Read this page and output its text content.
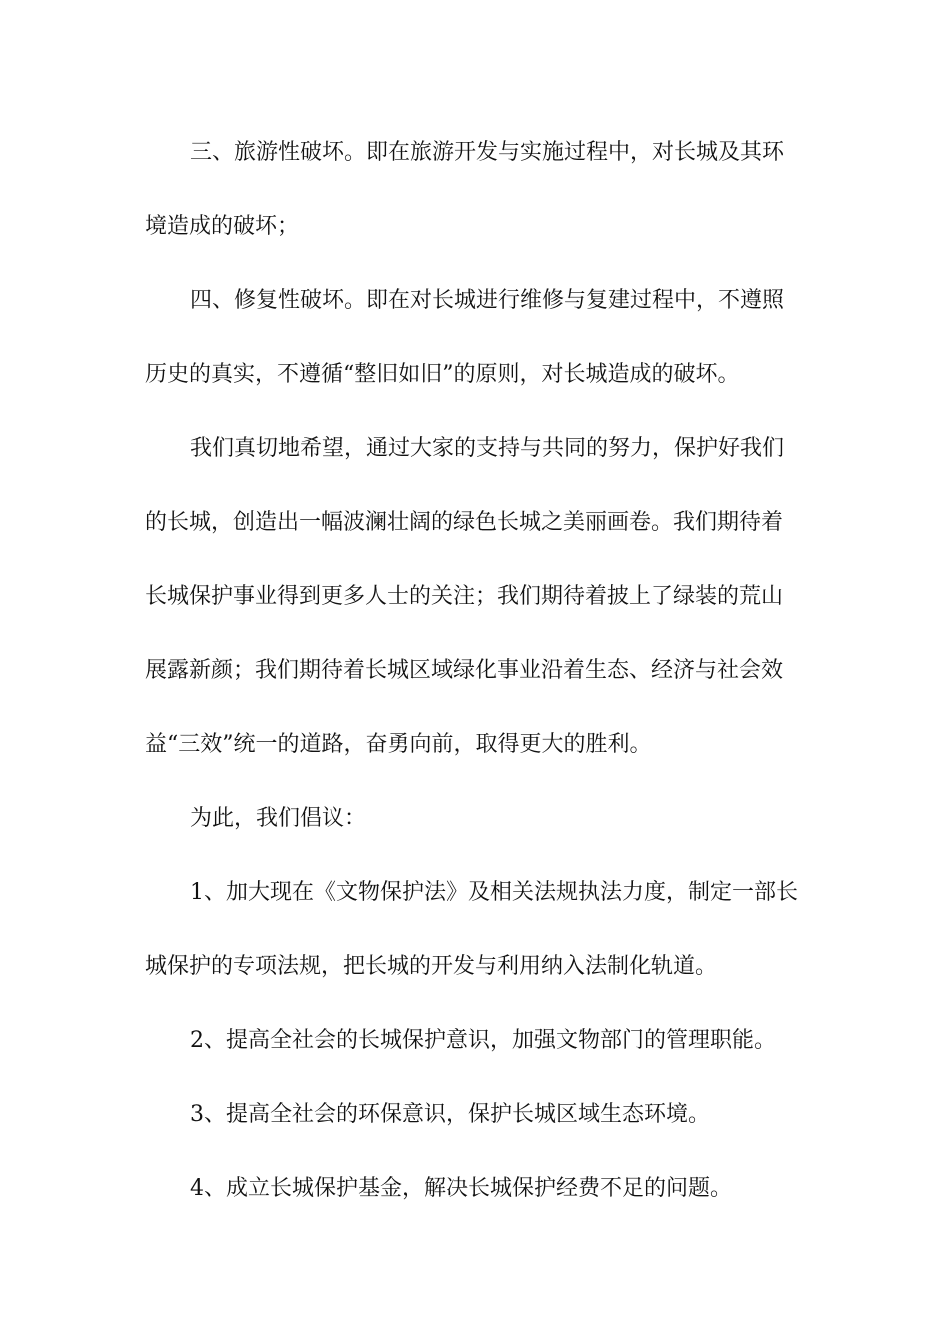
三、旅游性破坏。即在旅游开发与实施过程中，对长城及其环
境造成的破坏；
四、修复性破坏。即在对长城进行维修与复建过程中，不遵照
历史的真实，不遵循“整旧如旧”的原则，对长城造成的破坏。
我们真切地希望，通过大家的支持与共同的努力，保护好我们
的长城，创造出一幅波澜壮阔的绿色长城之美丽画卷。我们期待着
长城保护事业得到更多人士的关注；我们期待着披上了绿装的荒山
展露新颜；我们期待着长城区域绿化事业沿着生态、经济与社会效
益“三效”统一的道路，奋勇向前，取得更大的胜利。
为此，我们倡议：
1、加大现在《文物保护法》及相关法规执法力度，制定一部长
城保护的专项法规，把长城的开发与利用纳入法制化轨道。
2、提高全社会的长城保护意识，加强文物部门的管理职能。
3、提高全社会的环保意识，保护长城区域生态环境。
4、成立长城保护基金，解决长城保护经费不足的问题。
